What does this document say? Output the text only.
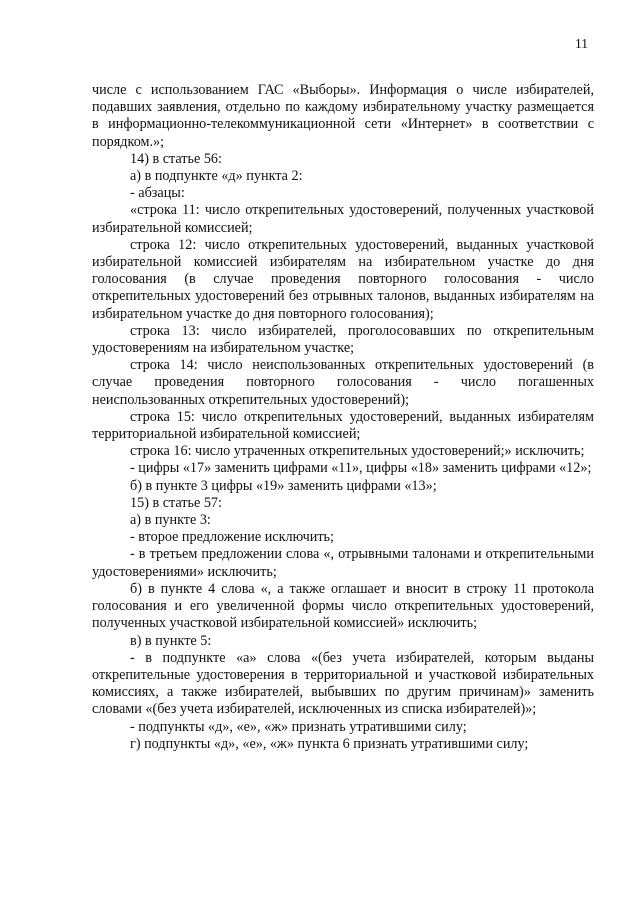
11

числе с использованием ГАС «Выборы». Информация о числе избирателей, подавших заявления, отдельно по каждому избирательному участку размещается в информационно-телекоммуникационной сети «Интернет» в соответствии с порядком.»;

14) в статье 56:

а) в подпункте «д» пункта 2:

- абзацы:

«строка 11: число открепительных удостоверений, полученных участковой избирательной комиссией;

строка 12: число открепительных удостоверений, выданных участковой избирательной комиссией избирателям на избирательном участке до дня голосования (в случае проведения повторного голосования - число открепительных удостоверений без отрывных талонов, выданных избирателям на избирательном участке до дня повторного голосования);

строка 13: число избирателей, проголосовавших по открепительным удостоверениям на избирательном участке;

строка 14: число неиспользованных открепительных удостоверений (в случае проведения повторного голосования - число погашенных неиспользованных открепительных удостоверений);

строка 15: число открепительных удостоверений, выданных избирателям территориальной избирательной комиссией;

строка 16: число утраченных открепительных удостоверений;» исключить;

- цифры «17» заменить цифрами «11», цифры «18» заменить цифрами «12»;

б) в пункте 3 цифры «19» заменить цифрами «13»;

15) в статье 57:

а) в пункте 3:

- второе предложение исключить;

- в третьем предложении слова «, отрывными талонами и открепительными удостоверениями» исключить;

б) в пункте 4 слова «, а также оглашает и вносит в строку 11 протокола голосования и его увеличенной формы число открепительных удостоверений, полученных участковой избирательной комиссией» исключить;

в) в пункте 5:

- в подпункте «а» слова «(без учета избирателей, которым выданы открепительные удостоверения в территориальной и участковой избирательных комиссиях, а также избирателей, выбывших по другим причинам)» заменить словами «(без учета избирателей, исключенных из списка избирателей)»;

- подпункты «д», «е», «ж» признать утратившими силу;

г) подпункты «д», «е», «ж» пункта 6 признать утратившими силу;
